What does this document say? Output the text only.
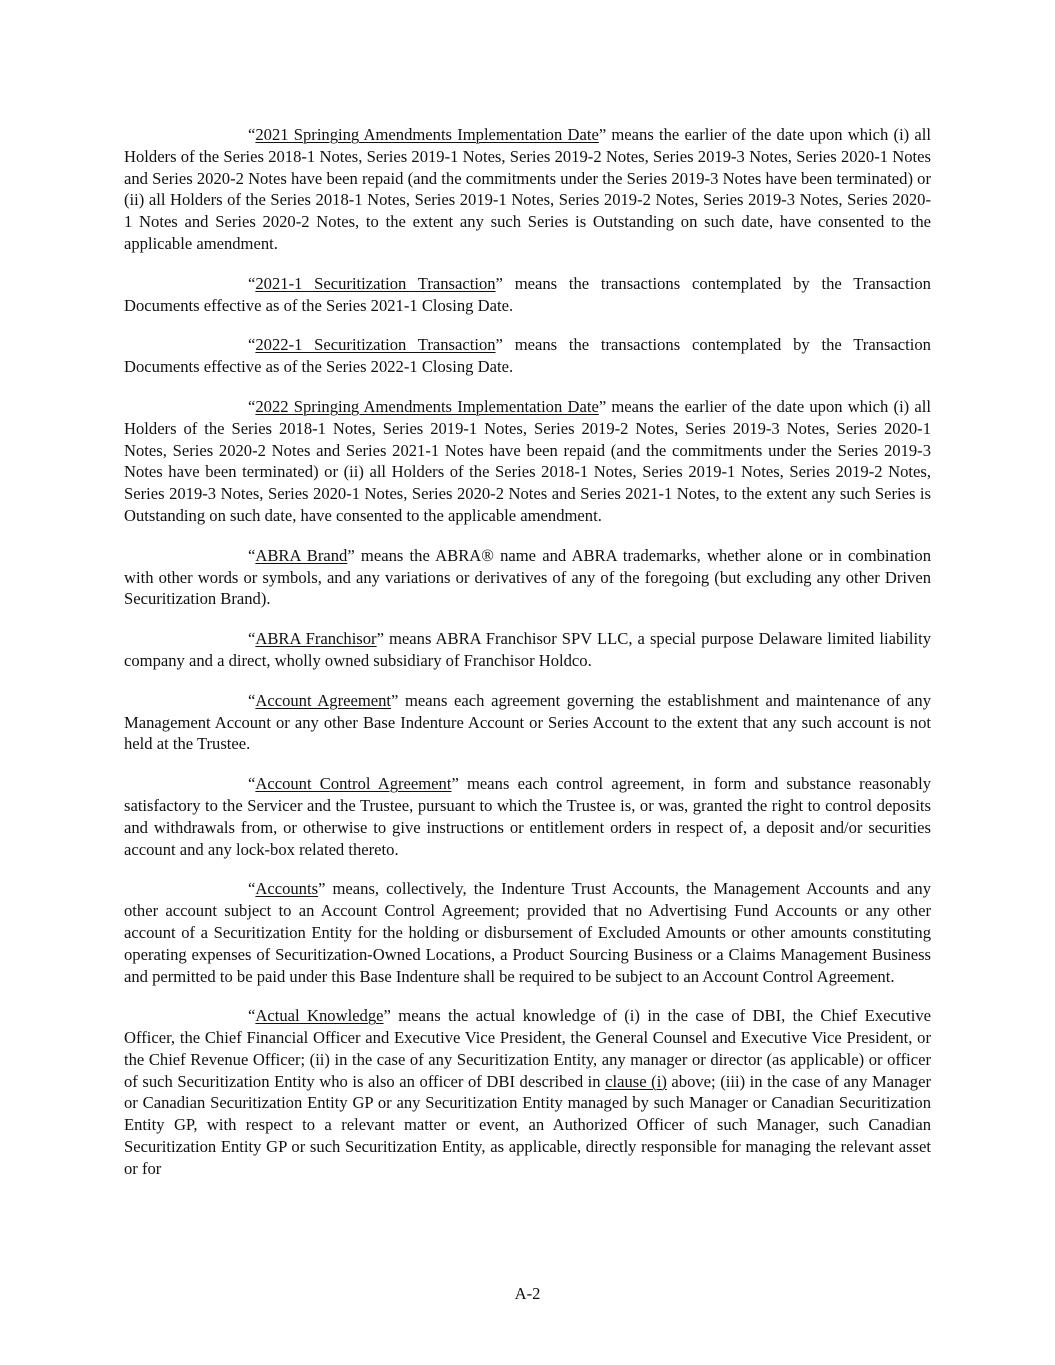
“2021 Springing Amendments Implementation Date” means the earlier of the date upon which (i) all Holders of the Series 2018-1 Notes, Series 2019-1 Notes, Series 2019-2 Notes, Series 2019-3 Notes, Series 2020-1 Notes and Series 2020-2 Notes have been repaid (and the commitments under the Series 2019-3 Notes have been terminated) or (ii) all Holders of the Series 2018-1 Notes, Series 2019-1 Notes, Series 2019-2 Notes, Series 2019-3 Notes, Series 2020-1 Notes and Series 2020-2 Notes, to the extent any such Series is Outstanding on such date, have consented to the applicable amendment.

“2021-1 Securitization Transaction” means the transactions contemplated by the Transaction Documents effective as of the Series 2021-1 Closing Date.

“2022-1 Securitization Transaction” means the transactions contemplated by the Transaction Documents effective as of the Series 2022-1 Closing Date.

“2022 Springing Amendments Implementation Date” means the earlier of the date upon which (i) all Holders of the Series 2018-1 Notes, Series 2019-1 Notes, Series 2019-2 Notes, Series 2019-3 Notes, Series 2020-1 Notes, Series 2020-2 Notes and Series 2021-1 Notes have been repaid (and the commitments under the Series 2019-3 Notes have been terminated) or (ii) all Holders of the Series 2018-1 Notes, Series 2019-1 Notes, Series 2019-2 Notes, Series 2019-3 Notes, Series 2020-1 Notes, Series 2020-2 Notes and Series 2021-1 Notes, to the extent any such Series is Outstanding on such date, have consented to the applicable amendment.

“ABRA Brand” means the ABRA® name and ABRA trademarks, whether alone or in combination with other words or symbols, and any variations or derivatives of any of the foregoing (but excluding any other Driven Securitization Brand).

“ABRA Franchisor” means ABRA Franchisor SPV LLC, a special purpose Delaware limited liability company and a direct, wholly owned subsidiary of Franchisor Holdco.

“Account Agreement” means each agreement governing the establishment and maintenance of any Management Account or any other Base Indenture Account or Series Account to the extent that any such account is not held at the Trustee.

“Account Control Agreement” means each control agreement, in form and substance reasonably satisfactory to the Servicer and the Trustee, pursuant to which the Trustee is, or was, granted the right to control deposits and withdrawals from, or otherwise to give instructions or entitlement orders in respect of, a deposit and/or securities account and any lock-box related thereto.

“Accounts” means, collectively, the Indenture Trust Accounts, the Management Accounts and any other account subject to an Account Control Agreement; provided that no Advertising Fund Accounts or any other account of a Securitization Entity for the holding or disbursement of Excluded Amounts or other amounts constituting operating expenses of Securitization-Owned Locations, a Product Sourcing Business or a Claims Management Business and permitted to be paid under this Base Indenture shall be required to be subject to an Account Control Agreement.

“Actual Knowledge” means the actual knowledge of (i) in the case of DBI, the Chief Executive Officer, the Chief Financial Officer and Executive Vice President, the General Counsel and Executive Vice President, or the Chief Revenue Officer; (ii) in the case of any Securitization Entity, any manager or director (as applicable) or officer of such Securitization Entity who is also an officer of DBI described in clause (i) above; (iii) in the case of any Manager or Canadian Securitization Entity GP or any Securitization Entity managed by such Manager or Canadian Securitization Entity GP, with respect to a relevant matter or event, an Authorized Officer of such Manager, such Canadian Securitization Entity GP or such Securitization Entity, as applicable, directly responsible for managing the relevant asset or for

A-2
